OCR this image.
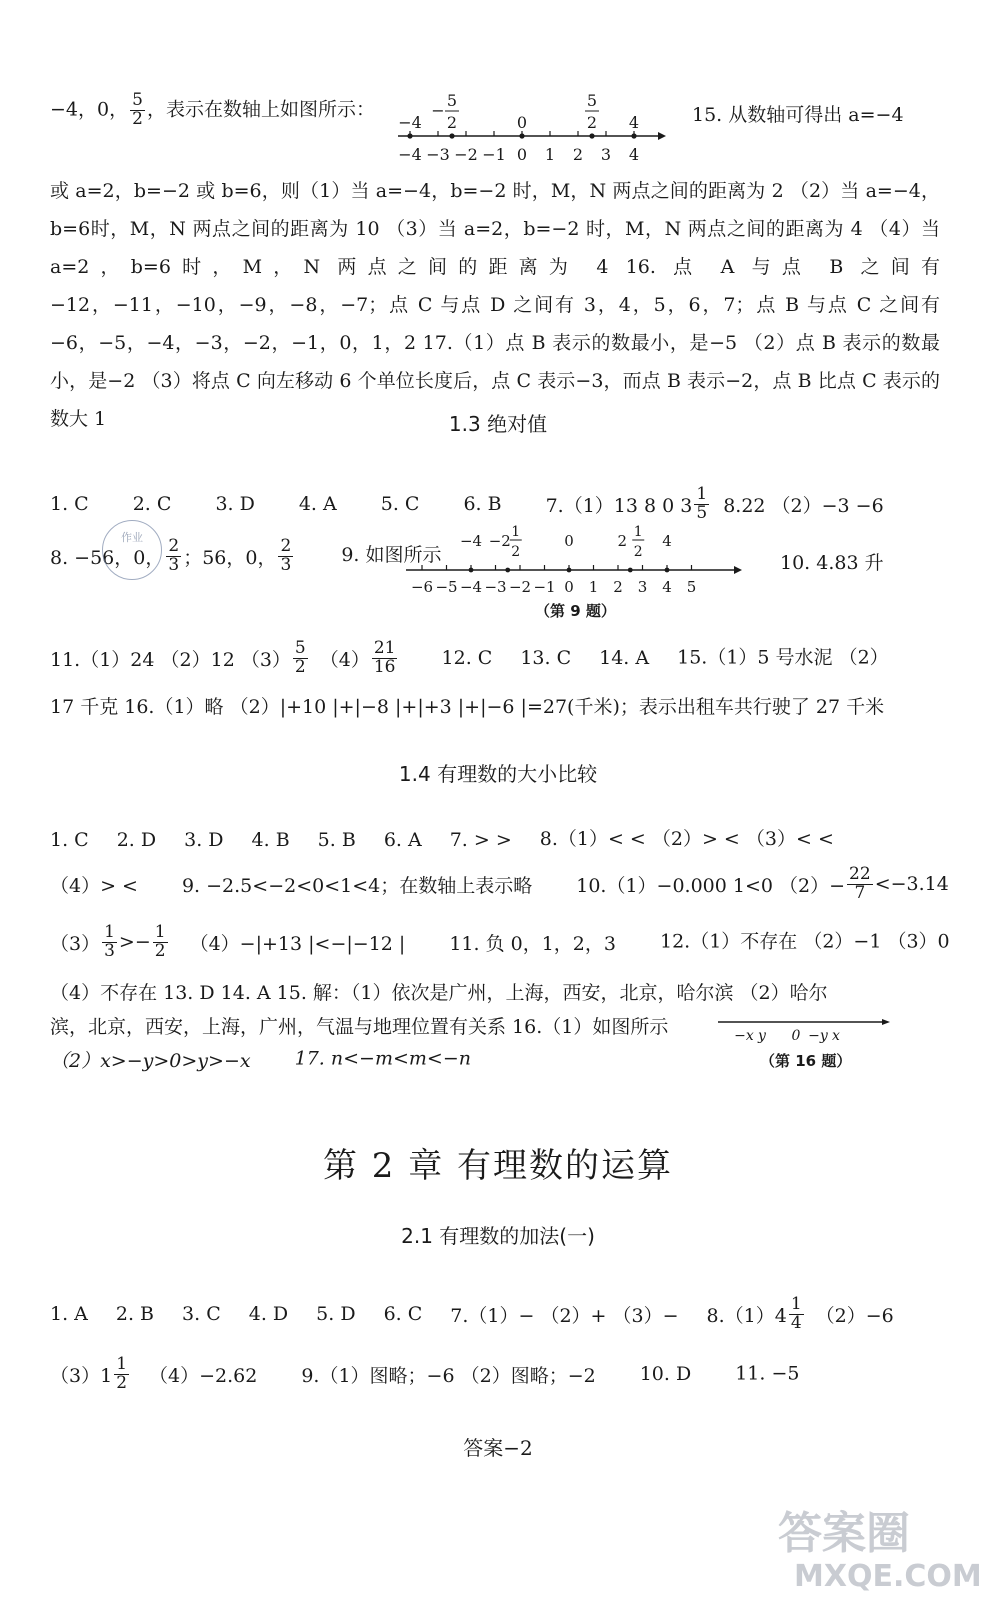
−4，0， $\frac{5}{2}$ ，表示在数轴上如图所示：
−4 −3 −2 −1 0 1 2 3 4
−4	0	4
−
5
2
5
2	15. 从数轴可得出 a=−4
或 a=2，b=−2 或 b=6，则（1）当 a=−4，b=−2 时，M，N 两点之间的距离为 2 （2）当 a=−4，b=6时，M，N 两点之间的距离为 10 （3）当 a=2，b=−2 时，M，N 两点之间的距离为 4 （4）当 a=2，b=6时，M，N 两点之间的距离为 4 16. 点 A 与点 B 之间有−12，−11，−10，−9，−8，−7；点 C 与点 D 之间有 3，4，5，6，7；点 B 与点 C 之间有−6，−5，−4，−3，−2，−1，0，1，2 17.（1）点 B 表示的数最小，是−5 （2）点 B 表示的数最小，是−2 （3）将点 C 向左移动 6 个单位长度后，点 C 表示−3，而点 B 表示−2，点 B 比点 C 表示的数大 1	1.3 绝对值
1. C 2. C 3. D 4. A 5. C 6. B 7.（1）13 8 0 $3 \frac{1}{5} 8.22$ （2）−3 −6
8. −56，0， $\frac{2}{3}$ ；56，0， $\frac{2}{3}$	9. 如图所示
−6 −5 −4 −3 −2 −1 0 1 2 3 4 5
−4	0	4
−2 1
2
2 1
2
（第 9 题）
10. 4.83 升
11.（1）24 （2）12 $(3) \frac{5}{2} (4) \frac{21}{16} 12$. C 13. C 14. A 15.（1）5 号水泥 （2）
17 千克 16.（1）略 （2）|+10 |+|−8 |+|+3 |+|−6 |=27(千米)；表示出租车共行驶了 27 千米
1.4 有理数的大小比较
1. C 2. D 3. D 4. B 5. B 6. A 7. > > 8.（1）< < （2）> < （3）< <
（4）> < 9. −2.5<−2<0<1<4；在数轴上表示略 10.（1）−0.000 1<0 $(2)- \frac{22}{7} <-3.14$
$(3) \frac{1}{3} >- \frac{1}{2} (4)-|+13$ |<−|−12 | 11. 负 0，1，2，3 12.（1）不存在 （2）−1 （3）0
（4）不存在 13. D 14. A 15. 解：（1）依次是广州，上海，西安，北京，哈尔滨 （2）哈尔
滨，北京，西安，上海，广州，气温与地理位置有关系 16.（1）如图所示	−x y 0 −y x
（第 16 题）
（2）x>−y>0>y>−x 17. n<−m<m<−n
第 2 章 有理数的运算
2.1 有理数的加法(一)
1. A 2. B 3. C 4. D 5. D 6. C $7.(1)- (2)+ (3)- 8.(1)4 \frac{1}{4} (2)-6$
$(3)1 \frac{1}{2} (4)-2.62$ 9.（1）图略；−6 （2）图略；−2 10. D 11. −5
答案−2
作业
答案圈
MXQE.COM
